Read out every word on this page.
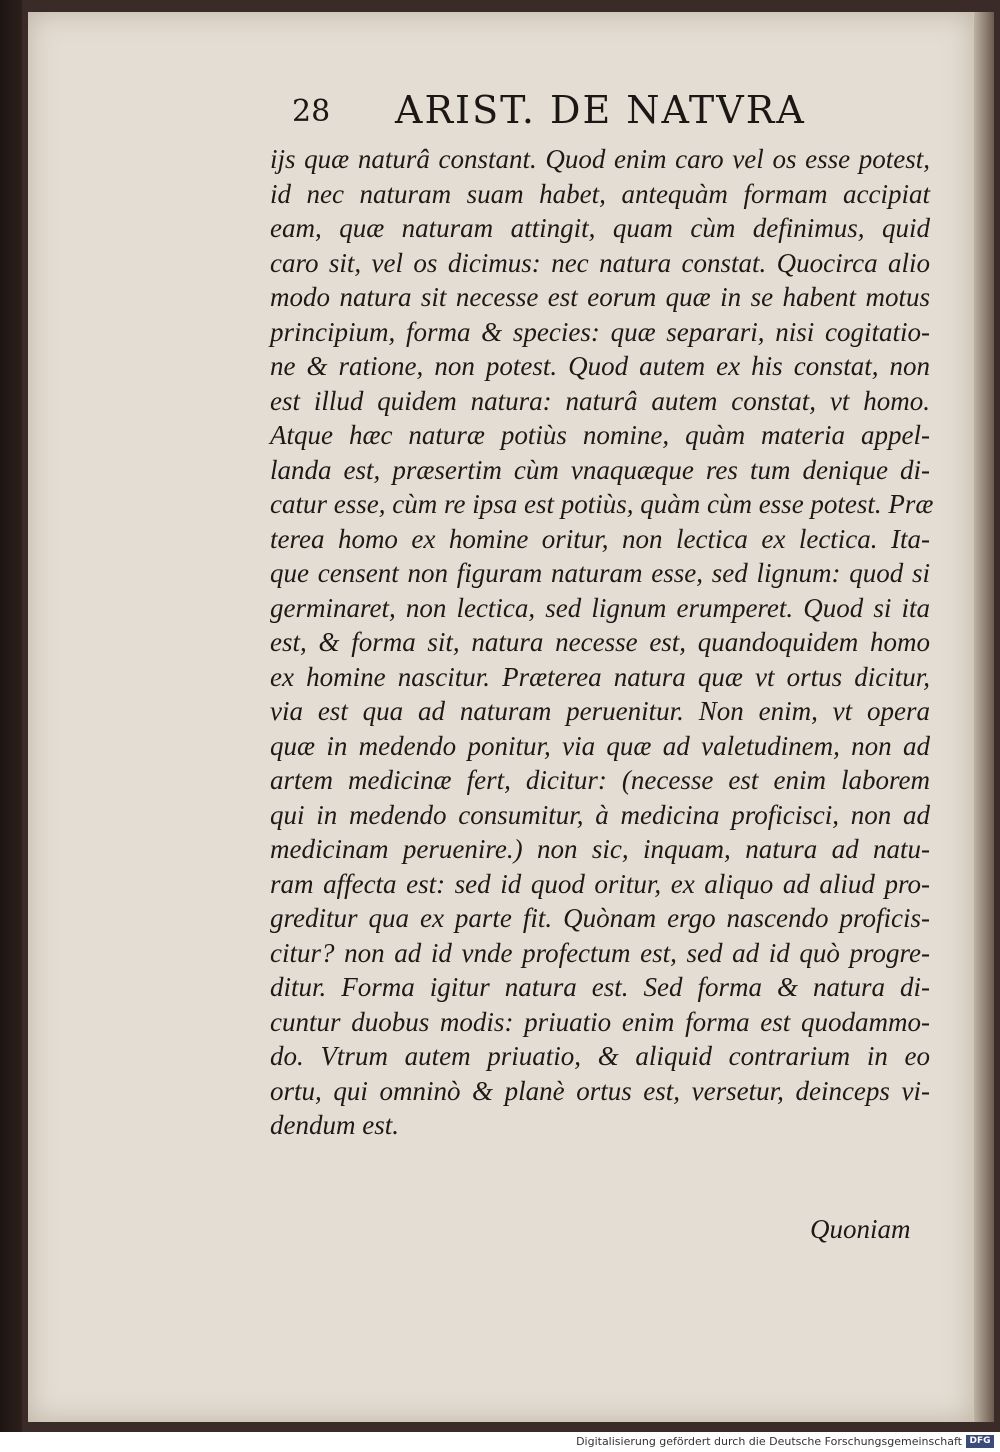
28 ARIST. DE NATVRA
ijs quæ naturâ constant. Quod enim caro vel os esse potest,
id nec naturam suam habet, antequàm formam accipiat
eam, quæ naturam attingit, quam cùm definimus, quid
caro sit, vel os dicimus: nec natura constat. Quocirca alio
modo natura sit necesse est eorum quæ in se habent motus
principium, forma & species: quæ separari, nisi cogitatio-
ne & ratione, non potest. Quod autem ex his constat, non
est illud quidem natura: naturâ autem constat, vt homo.
Atque hæc naturæ potiùs nomine, quàm materia appel-
landa est, præsertim cùm vnaquæque res tum denique di-
catur esse, cùm re ipsa est potiùs, quàm cùm esse potest. Præ
terea homo ex homine oritur, non lectica ex lectica. Ita-
que censent non figuram naturam esse, sed lignum: quod si
germinaret, non lectica, sed lignum erumperet. Quod si ita
est, & forma sit, natura necesse est, quandoquidem homo
ex homine nascitur. Præterea natura quæ vt ortus dicitur,
via est qua ad naturam peruenitur. Non enim, vt opera
quæ in medendo ponitur, via quæ ad valetudinem, non ad
artem medicinæ fert, dicitur: (necesse est enim laborem
qui in medendo consumitur, à medicina proficisci, non ad
medicinam peruenire.) non sic, inquam, natura ad natu-
ram affecta est: sed id quod oritur, ex aliquo ad aliud pro-
greditur qua ex parte fit. Quònam ergo nascendo proficis-
citur? non ad id vnde profectum est, sed ad id quò progre-
ditur. Forma igitur natura est. Sed forma & natura di-
cuntur duobus modis: priuatio enim forma est quodammo-
do. Vtrum autem priuatio, & aliquid contrarium in eo
ortu, qui omninò & planè ortus est, versetur, deinceps vi-
dendum est.
Quoniam
Digitalisierung gefördert durch die Deutsche Forschungsgemeinschaft DFG
